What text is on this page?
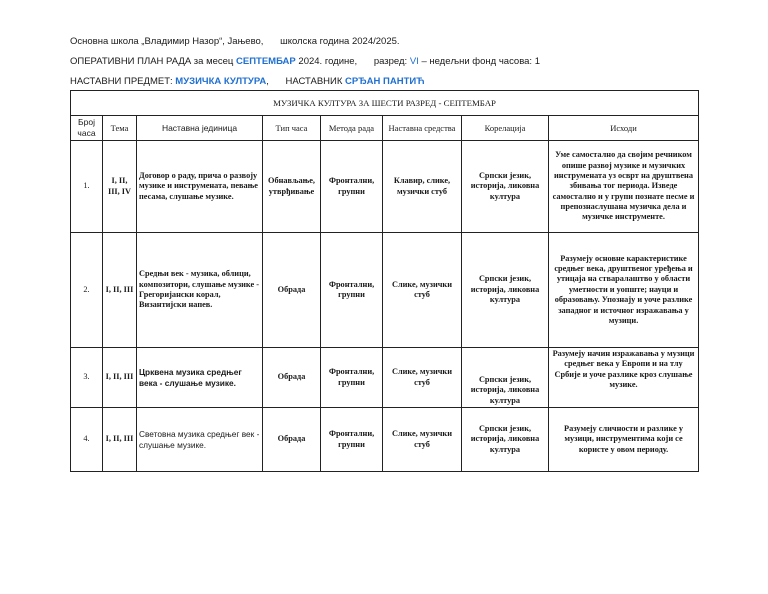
Основна школа „Владимир Назор“, Јањево, школска година 2024/2025.
ОПЕРАТИВНИ ПЛАН РАДА за месец СЕПТЕМБАР 2024. године, разред: VI – недељни фонд часова: 1
НАСТАВНИ ПРЕДМЕТ: МУЗИЧКА КУЛТУРА, НАСТАВНИК СРЂАН ПАНТИЋ
МУЗИЧКА КУЛТУРА ЗА ШЕСТИ РАЗРЕД - СЕПТЕМБАР							
Број часа	Тема	Наставна јединица	Тип часа	Метода рада	Наставна средства	Корелација	Исходи
1.	I, II, III, IV	Договор о раду, прича о развоју музике и инструмената, певање песама, слушање музике.	Обнављање, утврђивање	Фронтални, групни	Клавир, слике, музички стуб	Српски језик, историја, ликовна култура	Уме самостално да својим речником опише развој музике и музичких инструмената уз осврт на друштвена збивања тог периода. Изведе самостално и у групи познате песме и препознаслушана музичка дела и музичке инструменте.
2.	I, II, III	Средњи век - музика, облици, композитори, слушање музике - Грегоријански корал, Византијски напев.	Обрада	Фронтални, групни	Слике, музички стуб	Српски језик, историја, ликовна култура	Разумеју основне карактеристике средњег века, друштвеног уређења и утицаја на стваралаштво у области уметности и уопште; науци и образовању. Упознају и уоче разлике западног и источног изражавања у музици.
3.	I, II, III	Црквена музика средњег века - слушање музике.	Обрада	Фронтални, групни	Слике, музички стуб	Српски језик, историја, ликовна култура	Разумеју начин изражавања у музици средњег века у Европи и на тлу Србије и уоче разлике кроз слушање музике.
4.	I, II, III	Световна музика средњег век - слушање музике.	Обрада	Фронтални, групни	Слике, музички стуб	Српски језик, историја, ликовна култура	Разумеју сличности и разлике у музици, инструментима који се користе у овом периоду.
